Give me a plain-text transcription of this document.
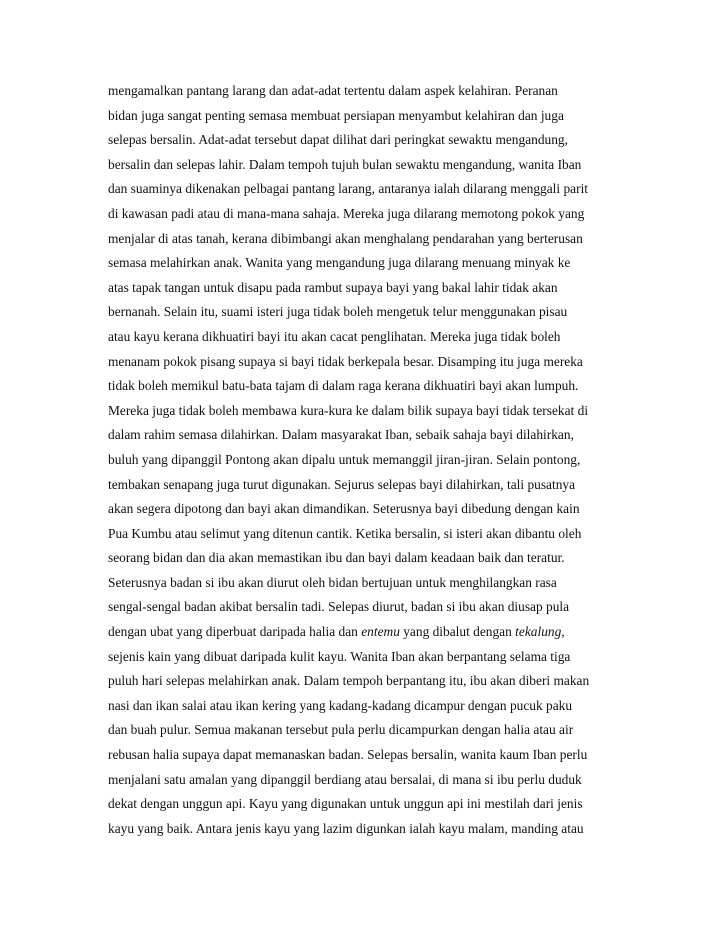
mengamalkan pantang larang dan adat-adat tertentu dalam aspek kelahiran. Peranan
bidan juga sangat penting semasa membuat persiapan menyambut kelahiran dan juga
selepas bersalin. Adat-adat tersebut dapat dilihat dari peringkat sewaktu mengandung,
bersalin dan selepas lahir. Dalam tempoh tujuh bulan sewaktu mengandung, wanita Iban
dan suaminya dikenakan pelbagai pantang larang, antaranya ialah dilarang menggali parit
di kawasan padi atau di mana-mana sahaja. Mereka juga dilarang memotong pokok yang
menjalar di atas tanah, kerana dibimbangi akan menghalang pendarahan yang berterusan
semasa melahirkan anak. Wanita yang mengandung juga dilarang menuang minyak ke
atas tapak tangan untuk disapu pada rambut supaya bayi yang bakal lahir tidak akan
bernanah. Selain itu, suami isteri juga tidak boleh mengetuk telur menggunakan pisau
atau kayu kerana dikhuatiri bayi itu akan cacat penglihatan. Mereka juga tidak boleh
menanam pokok pisang supaya si bayi tidak berkepala besar. Disamping itu juga mereka
tidak boleh memikul batu-bata tajam di dalam raga kerana dikhuatiri bayi akan lumpuh.
Mereka juga tidak boleh membawa kura-kura ke dalam bilik supaya bayi tidak tersekat di
dalam rahim semasa dilahirkan. Dalam masyarakat Iban, sebaik sahaja bayi dilahirkan,
buluh yang dipanggil Pontong akan dipalu untuk memanggil jiran-jiran. Selain pontong,
tembakan senapang juga turut digunakan. Sejurus selepas bayi dilahirkan, tali pusatnya
akan segera dipotong dan bayi akan dimandikan. Seterusnya bayi dibedung dengan kain
Pua Kumbu atau selimut yang ditenun cantik. Ketika bersalin, si isteri akan dibantu oleh
seorang bidan dan dia akan memastikan ibu dan bayi dalam keadaan baik dan teratur.
Seterusnya badan si ibu akan diurut oleh bidan bertujuan untuk menghilangkan rasa
sengal-sengal badan akibat bersalin tadi. Selepas diurut, badan si ibu akan diusap pula
dengan ubat yang diperbuat daripada halia dan entemu yang dibalut dengan tekalung,
sejenis kain yang dibuat daripada kulit kayu. Wanita Iban akan berpantang selama tiga
puluh hari selepas melahirkan anak. Dalam tempoh berpantang itu, ibu akan diberi makan
nasi dan ikan salai atau ikan kering yang kadang-kadang dicampur dengan pucuk paku
dan buah pulur. Semua makanan tersebut pula perlu dicampurkan dengan halia atau air
rebusan halia supaya dapat memanaskan badan. Selepas bersalin, wanita kaum Iban perlu
menjalani satu amalan yang dipanggil berdiang atau bersalai, di mana si ibu perlu duduk
dekat dengan unggun api. Kayu yang digunakan untuk unggun api ini mestilah dari jenis
kayu yang baik. Antara jenis kayu yang lazim digunkan ialah kayu malam, manding atau
